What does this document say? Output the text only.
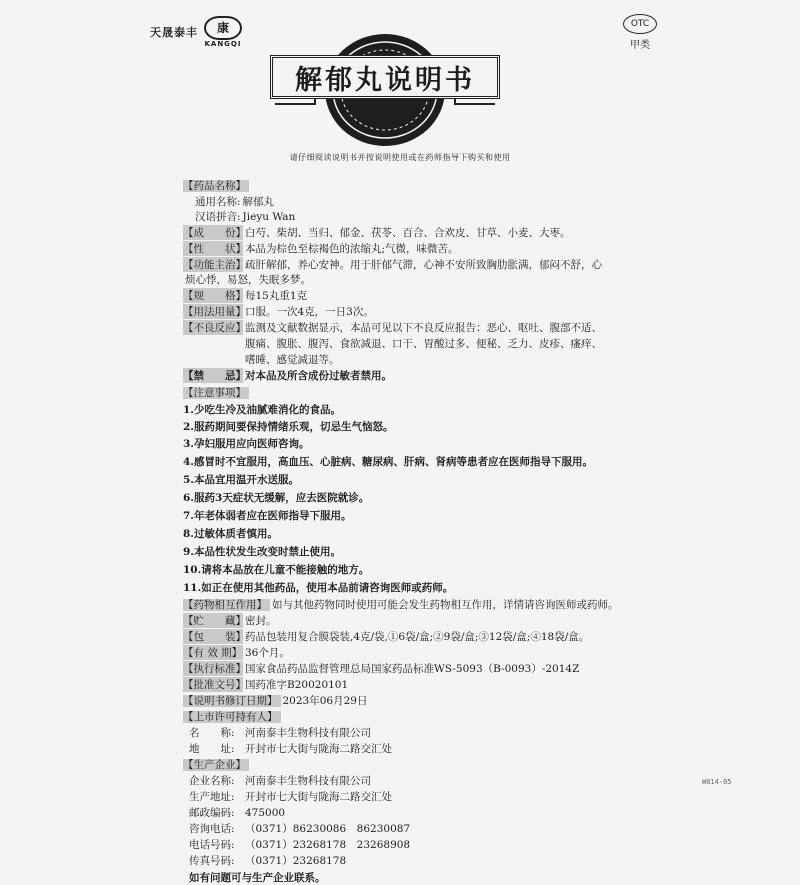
天晟泰丰	康
KANGQI
OTC
甲类
解郁丸说明书
请仔细阅读说明书并按说明使用或在药师指导下购买和使用
【药品名称】
通用名称: 解郁丸
汉语拼音: Jieyu Wan
【成　　份】白芍、柴胡、当归、郁金、茯苓、百合、合欢皮、甘草、小麦、大枣。
【性　　状】本品为棕色至棕褐色的浓缩丸;气微，味微苦。
【功能主治】疏肝解郁，养心安神。用于肝郁气滞，心神不安所致胸肋胀满，郁闷不舒，心
烦心悸，易怒，失眠多梦。
【规　　格】每15丸重1克
【用法用量】口服。一次4克，一日3次。
【不良反应】监测及文献数据显示，本品可见以下不良反应报告：恶心、呕吐、腹部不适、
腹痛、腹胀、腹泻、食欲减退、口干、胃酸过多、便秘、乏力、皮疹、瘙痒、
嗜睡、感觉减退等。
【禁　　忌】对本品及所含成份过敏者禁用。
【注意事项】
1.少吃生冷及油腻难消化的食品。
2.服药期间要保持情绪乐观，切忌生气恼怒。
3.孕妇服用应向医师咨询。
4.感冒时不宜服用，高血压、心脏病、糖尿病、肝病、肾病等患者应在医师指导下服用。
5.本品宜用温开水送服。
6.服药3天症状无缓解，应去医院就诊。
7.年老体弱者应在医师指导下服用。
8.过敏体质者慎用。
9.本品性状发生改变时禁止使用。
10.请将本品放在儿童不能接触的地方。
11.如正在使用其他药品，使用本品前请咨询医师或药师。
【药物相互作用】 如与其他药物同时使用可能会发生药物相互作用，详情请咨询医师或药师。
【贮　　藏】密封。
【包　　装】药品包装用复合膜袋装,4克/袋,①6袋/盒;②9袋/盒;③12袋/盒;④18袋/盒。
【有 效 期】 36个月。
【执行标准】国家食品药品监督管理总局国家药品标准WS-5093（B-0093）-2014Z
【批准文号】国药准字B20020101
【说明书修订日期】 2023年06月29日
【上市许可持有人】
名　　称: 河南泰丰生物科技有限公司
地　　址: 开封市七大街与陇海二路交汇处
【生产企业】
企业名称: 河南泰丰生物科技有限公司
生产地址: 开封市七大街与陇海二路交汇处
邮政编码: 475000
咨询电话: （0371）86230086　86230087
电话号码: （0371）23268178　23268908
传真号码: （0371）23268178
如有问题可与生产企业联系。
W014-05
